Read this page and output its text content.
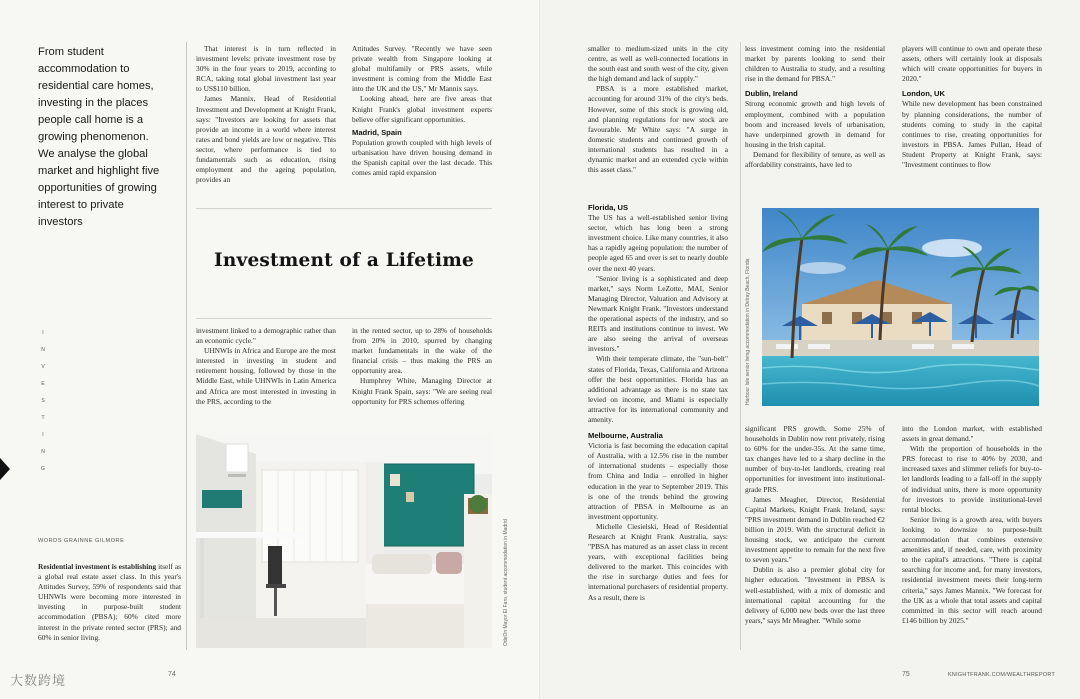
From student accommodation to residential care homes, investing in the places people call home is a growing phenomenon. We analyse the global market and highlight five opportunities of growing interest to private investors
I
N
V
E
S
T
I
N
G
WORDS GRAINNE GILMORE

Residential investment is establishing itself as a global real estate asset class. In this year's Attitudes Survey, 59% of respondents said that UHNWIs were becoming more interested in investing in purpose-built student accommodation (PBSA); 60% cited more interest in the private rented sector (PRS); and 60% in senior living.

That interest is in turn reflected in investment levels: private investment rose by 30% in the four years to 2019, according to RCA, taking total global investment last year to US$110 billion.

James Mannix, Head of Residential Investment and Development at Knight Frank, says: "Investors are looking for assets that provide an income in a world where interest rates and bond yields are low or negative. This sector, where performance is tied to fundamentals such as education, rising employment and the ageing population, provides an

Attitudes Survey. "Recently we have seen private wealth from Singapore looking at global multifamily or PRS assets, while investment is coming from the Middle East into the UK and the US," Mr Mannix says.

Looking ahead, here are five areas that Knight Frank's global investment experts believe offer significant opportunities.

Madrid, Spain

Population growth coupled with high levels of urbanisation have driven housing demand in the Spanish capital over the last decade. This comes amid rapid expansion

Investment of a Lifetime

investment linked to a demographic rather than an economic cycle."

UHNWIs in Africa and Europe are the most interested in investing in student and retirement housing, followed by those in the Middle East, while UHNWIs in Latin America and Africa are most interested in investing in the PRS, according to the

in the rented sector, up to 28% of households from 20% in 2010, spurred by changing market fundamentals in the wake of the financial crisis – thus making the PRS an opportunity area.

Humphrey White, Managing Director at Knight Frank Spain, says: "We are seeing real opportunity for PRS schemes offering

OdeOn Mayor El Faro, student accommodation in Madrid
74
大数跨境

smaller to medium-sized units in the city centre, as well as well-connected locations in the south east and south west of the city, given the high demand and lack of supply."

PBSA is a more established market, accounting for around 31% of the city's beds. However, some of this stock is growing old, and planning regulations for new stock are favourable. Mr White says: "A surge in domestic students and continued growth of international students has resulted in a dynamic market and an extended cycle within this asset class."

Florida, US

The US has a well-established senior living sector, which has long been a strong investment choice. Like many countries, it also has a rapidly ageing population: the number of people aged 65 and over is set to nearly double over the next 40 years.

"Senior living is a sophisticated and deep market," says Norm LeZotte, MAI, Senior Managing Director, Valuation and Advisory at Newmark Knight Frank. "Investors understand the operational aspects of the industry, and so REITs and institutions continue to invest. We are also seeing the arrival of overseas investors."

With their temperate climate, the "sun-belt" states of Florida, Texas, California and Arizona offer the best opportunities. Florida has an additional advantage as there is no state tax levied on income, and Miami is especially attractive for its international community and amenity.

Melbourne, Australia

Victoria is fast becoming the education capital of Australia, with a 12.5% rise in the number of international students – especially those from China and India – enrolled in higher education in the year to September 2019. This is one of the trends behind the growing attraction of PBSA in Melbourne as an investment opportunity.

Michelle Ciesielski, Head of Residential Research at Knight Frank Australia, says: "PBSA has matured as an asset class in recent years, with exceptional facilities being delivered to the market. This coincides with the rise in surcharge duties and fees for international purchasers of residential property. As a result, there is

less investment coming into the residential market by parents looking to send their children to Australia to study, and a resulting rise in the demand for PBSA."

Dublin, Ireland

Strong economic growth and high levels of employment, combined with a population boom and increased levels of urbanisation, have underpinned growth in demand for housing in the Irish capital.

Demand for flexibility of tenure, as well as affordability constraints, have led to

players will continue to own and operate these assets, others will certainly look at disposals which will create opportunities for buyers in 2020."

London, UK

While new development has been constrained by planning considerations, the number of students coming to study in the capital continues to rise, creating opportunities for investors in PBSA. James Pullan, Head of Student Property at Knight Frank, says: "Investment continues to flow

Harbour Isle senior living accommodation in Delray Beach, Florida

significant PRS growth. Some 25% of households in Dublin now rent privately, rising to 60% for the under-35s. At the same time, tax changes have led to a sharp decline in the number of buy-to-let landlords, creating real opportunities for investment into institutional-grade PRS.

James Meagher, Director, Residential Capital Markets, Knight Frank Ireland, says: "PRS investment demand in Dublin reached €2 billion in 2019. With the structural deficit in housing stock, we anticipate the current investment appetite to remain for the next five to seven years."

Dublin is also a premier global city for higher education. "Investment in PBSA is well-established, with a mix of domestic and international capital accounting for the delivery of 6,000 new beds over the last three years," says Mr Meagher. "While some

into the London market, with established assets in great demand."

With the proportion of households in the PRS forecast to rise to 40% by 2030, and increased taxes and slimmer reliefs for buy-to-let landlords leading to a fall-off in the supply of individual units, there is more opportunity for investors to provide institutional-level rental blocks.

Senior living is a growth area, with buyers looking to downsize to purpose-built accommodation that combines extensive amenities and, if needed, care, with proximity to the capital's attractions. "There is capital searching for income and, for many investors, residential investment meets their long-term criteria," says James Mannix. "We forecast for the UK as a whole that total assets and capital committed in this sector will reach around £146 billion by 2025."

75	KNIGHTFRANK.COM/WEALTHREPORT
